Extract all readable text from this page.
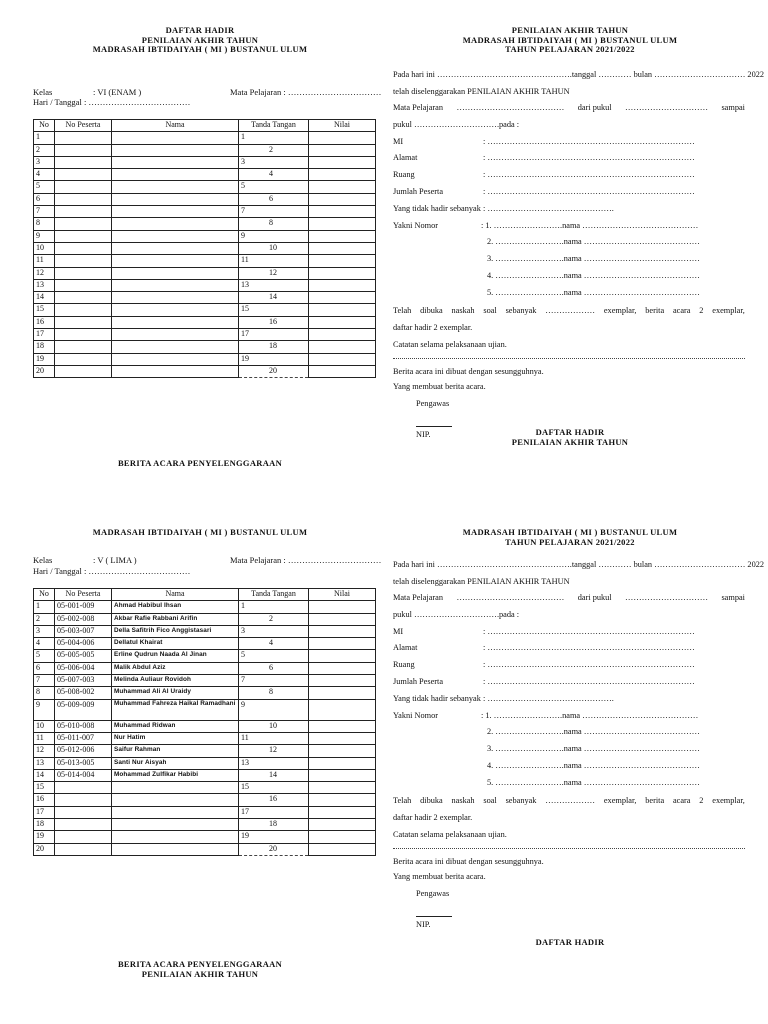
DAFTAR HADIR
PENILAIAN AKHIR TAHUN
MADRASAH IBTIDAIYAH ( MI ) BUSTANUL ULUM
Kelas	: VI (ENAM )	Mata Pelajaran : ……………………………
Hari / Tanggal : ………………………………
No	No Peserta	Nama	Tanda Tangan	Nilai
1			1	
2			2	
3			3	
4			4	
5			5	
6			6	
7			7	
8			8	
9			9	
10			10	
11			11	
12			12	
13			13	
14			14	
15			15	
16			16	
17			17	
18			18	
19			19	
20			20	
BERITA ACARA PENYELENGGARAAN
PENILAIAN AKHIR TAHUN
MADRASAH IBTIDAIYAH ( MI ) BUSTANUL ULUM
TAHUN PELAJARAN 2021/2022
MADRASAH IBTIDAIYAH ( MI ) BUSTANUL ULUM
Kelas	: V ( LIMA )	Mata Pelajaran : ……………………………
Hari / Tanggal : ………………………………
No	No Peserta	Nama	Tanda Tangan	Nilai
1	05-001-009	Ahmad Habibul Ihsan	1	
2	05-002-008	Akbar Rafie Rabbani Arifin	2	
3	05-003-007	Della Safitrih Fico Anggistasari	3	
4	05-004-006	Dellatul Khairat	4	
5	05-005-005	Erline Qudrun Naada Al Jinan	5	
6	05-006-004	Malik Abdul Aziz	6	
7	05-007-003	Melinda Auliaur Rovidoh	7	
8	05-008-002	Muhammad Ali Al Uraidy	8	
9	05-009-009	Muhammad Fahreza Haikal Ramadhani	9	
10	05-010-008	Muhammad Ridwan	10	
11	05-011-007	Nur Hatim	11	
12	05-012-006	Saifur Rahman	12	
13	05-013-005	Santi Nur Aisyah	13	
14	05-014-004	Mohammad Zulfikar Habibi	14	
15			15	
16			16	
17			17	
18			18	
19			19	
20			20	
BERITA ACARA PENYELENGGARAAN
PENILAIAN AKHIR TAHUN
MADRASAH IBTIDAIYAH ( MI ) BUSTANUL ULUM
TAHUN PELAJARAN 2021/2022
Pada hari ini ………………………………………….tanggal ………… bulan …………………………… 2022
telah diselenggarakan PENILAIAN AKHIR TAHUN
Mata Pelajaran ………………………………… dari pukul ………………………… sampai
pukul ………………………….pada :
MI	: …………………………………………………………………
Alamat	: …………………………………………………………………
Ruang	: …………………………………………………………………
Jumlah Peserta	: …………………………………………………………………
Yang tidak hadir sebanyak : ……………………………………….
Yakni Nomor	: 1. …………………….nama ……………………………………
2. …………………….nama ……………………………………
3. …………………….nama ……………………………………
4. …………………….nama ……………………………………
5. …………………….nama ……………………………………
Telah dibuka naskah soal sebanyak ……………… exemplar, berita acara 2 exemplar,
daftar hadir 2 exemplar.
Catatan selama pelaksanaan ujian.
Berita acara ini dibuat dengan sesungguhnya.
Yang membuat berita acara.
Pengawas
NIP.	DAFTAR HADIR
PENILAIAN AKHIR TAHUN
Pada hari ini ………………………………………….tanggal ………… bulan …………………………… 2022
telah diselenggarakan PENILAIAN AKHIR TAHUN
Mata Pelajaran ………………………………… dari pukul ………………………… sampai
pukul ………………………….pada :
MI	: …………………………………………………………………
Alamat	: …………………………………………………………………
Ruang	: …………………………………………………………………
Jumlah Peserta	: …………………………………………………………………
Yang tidak hadir sebanyak : ……………………………………….
Yakni Nomor	: 1. …………………….nama ……………………………………
2. …………………….nama ……………………………………
3. …………………….nama ……………………………………
4. …………………….nama ……………………………………
5. …………………….nama ……………………………………
Telah dibuka naskah soal sebanyak ……………… exemplar, berita acara 2 exemplar,
daftar hadir 2 exemplar.
Catatan selama pelaksanaan ujian.
Berita acara ini dibuat dengan sesungguhnya.
Yang membuat berita acara.
Pengawas
NIP.
DAFTAR HADIR
